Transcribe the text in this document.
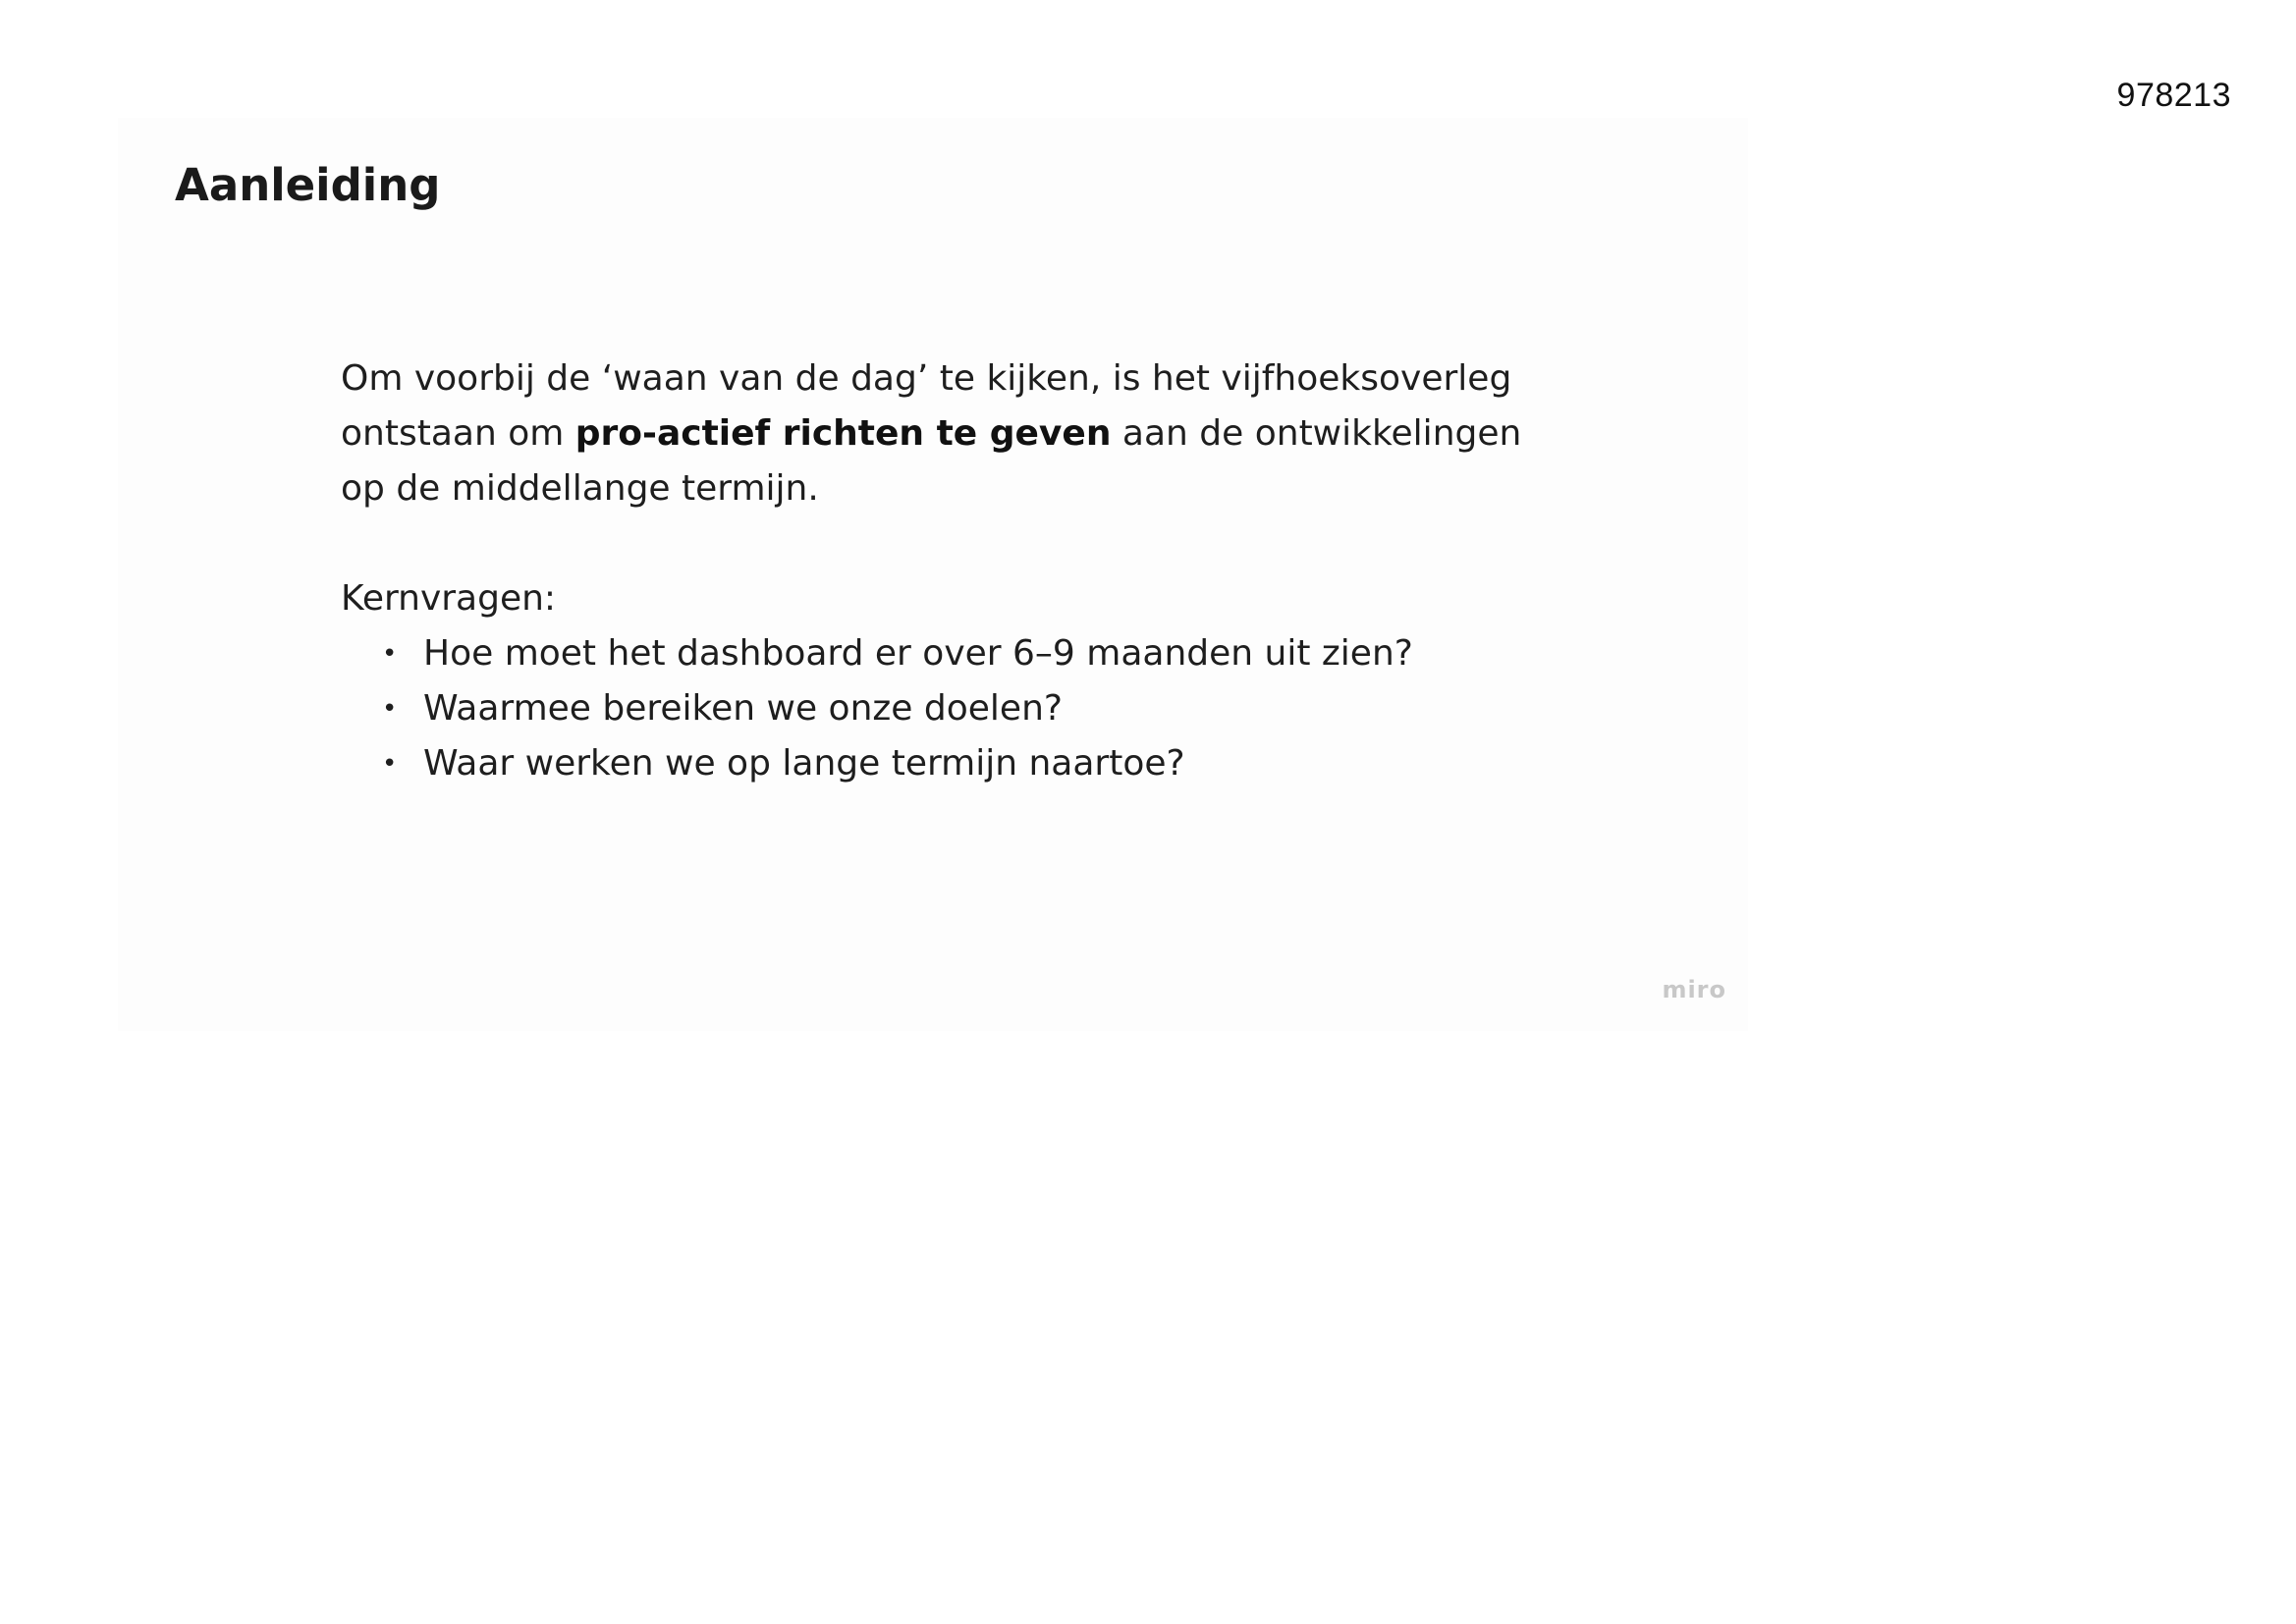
978213
Aanleiding

Om voorbij de ‘waan van de dag’ te kijken, is het vijfhoeksoverleg ontstaan om pro-actief richten te geven aan de ontwikkelingen op de middellange termijn.

Kernvragen:
• Hoe moet het dashboard er over 6–9 maanden uit zien?
• Waarmee bereiken we onze doelen?
• Waar werken we op lange termijn naartoe?
miro
